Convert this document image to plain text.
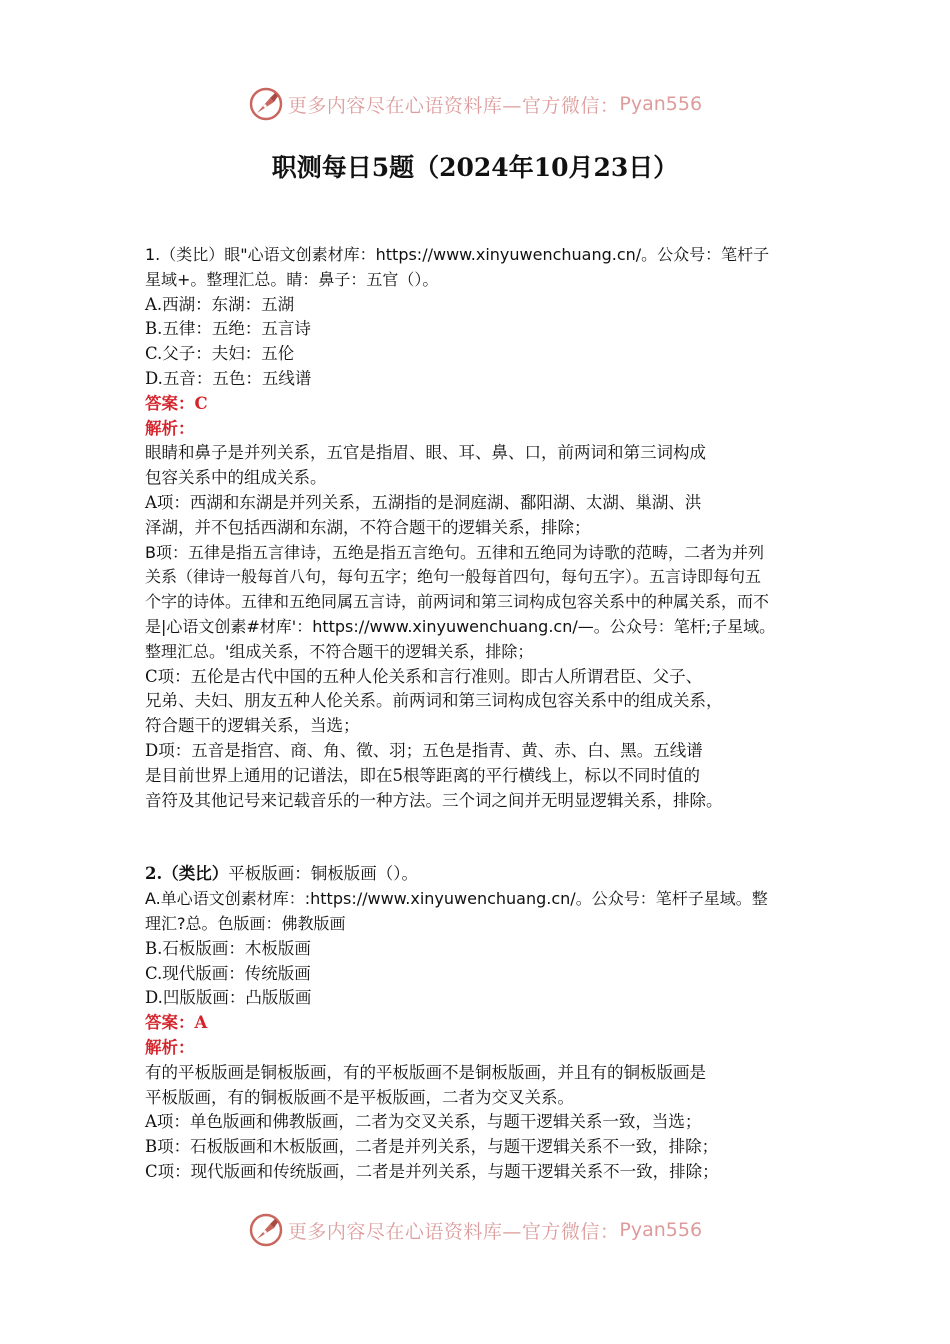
更多内容尽在心语资料库—官方微信： Pyan556
职测每日5题（2024年10月23日）
1.（类比）眼"心语文创素材库：https://www.xinyuwenchuang.cn/。公众号：笔杆子
星域+。整理汇总。睛：鼻子：五官（）。
A.西湖：东湖：五湖
B.五律：五绝：五言诗
C.父子：夫妇：五伦
D.五音：五色：五线谱
答案：C
解析：
眼睛和鼻子是并列关系，五官是指眉、眼、耳、鼻、口，前两词和第三词构成
包容关系中的组成关系。
A项：西湖和东湖是并列关系，五湖指的是洞庭湖、鄱阳湖、太湖、巢湖、洪
泽湖，并不包括西湖和东湖，不符合题干的逻辑关系，排除；
B项：五律是指五言律诗，五绝是指五言绝句。五律和五绝同为诗歌的范畴，二者为并列
关系（律诗一般每首八句，每句五字；绝句一般每首四句，每句五字）。五言诗即每句五
个字的诗体。五律和五绝同属五言诗，前两词和第三词构成包容关系中的种属关系，而不
是|心语文创素#材库'：https://www.xinyuwenchuang.cn/—。公众号：笔杆;子星域。
整理汇总。'组成关系，不符合题干的逻辑关系，排除；
C项：五伦是古代中国的五种人伦关系和言行准则。即古人所谓君臣、父子、
兄弟、夫妇、朋友五种人伦关系。前两词和第三词构成包容关系中的组成关系，
符合题干的逻辑关系，当选；
D项：五音是指宫、商、角、徵、羽；五色是指青、黄、赤、白、黑。五线谱
是目前世界上通用的记谱法，即在5根等距离的平行横线上，标以不同时值的
音符及其他记号来记载音乐的一种方法。三个词之间并无明显逻辑关系，排除。
2.（类比）平板版画：铜板版画（）。
A.单心语文创素材库：:https://www.xinyuwenchuang.cn/。公众号：笔杆子星域。整
理汇?总。色版画：佛教版画
B.石板版画：木板版画
C.现代版画：传统版画
D.凹版版画：凸版版画
答案：A
解析：
有的平板版画是铜板版画，有的平板版画不是铜板版画，并且有的铜板版画是
平板版画，有的铜板版画不是平板版画，二者为交叉关系。
A项：单色版画和佛教版画，二者为交叉关系，与题干逻辑关系一致，当选；
B项：石板版画和木板版画，二者是并列关系，与题干逻辑关系不一致，排除；
C项：现代版画和传统版画，二者是并列关系，与题干逻辑关系不一致，排除；
更多内容尽在心语资料库—官方微信： Pyan556
